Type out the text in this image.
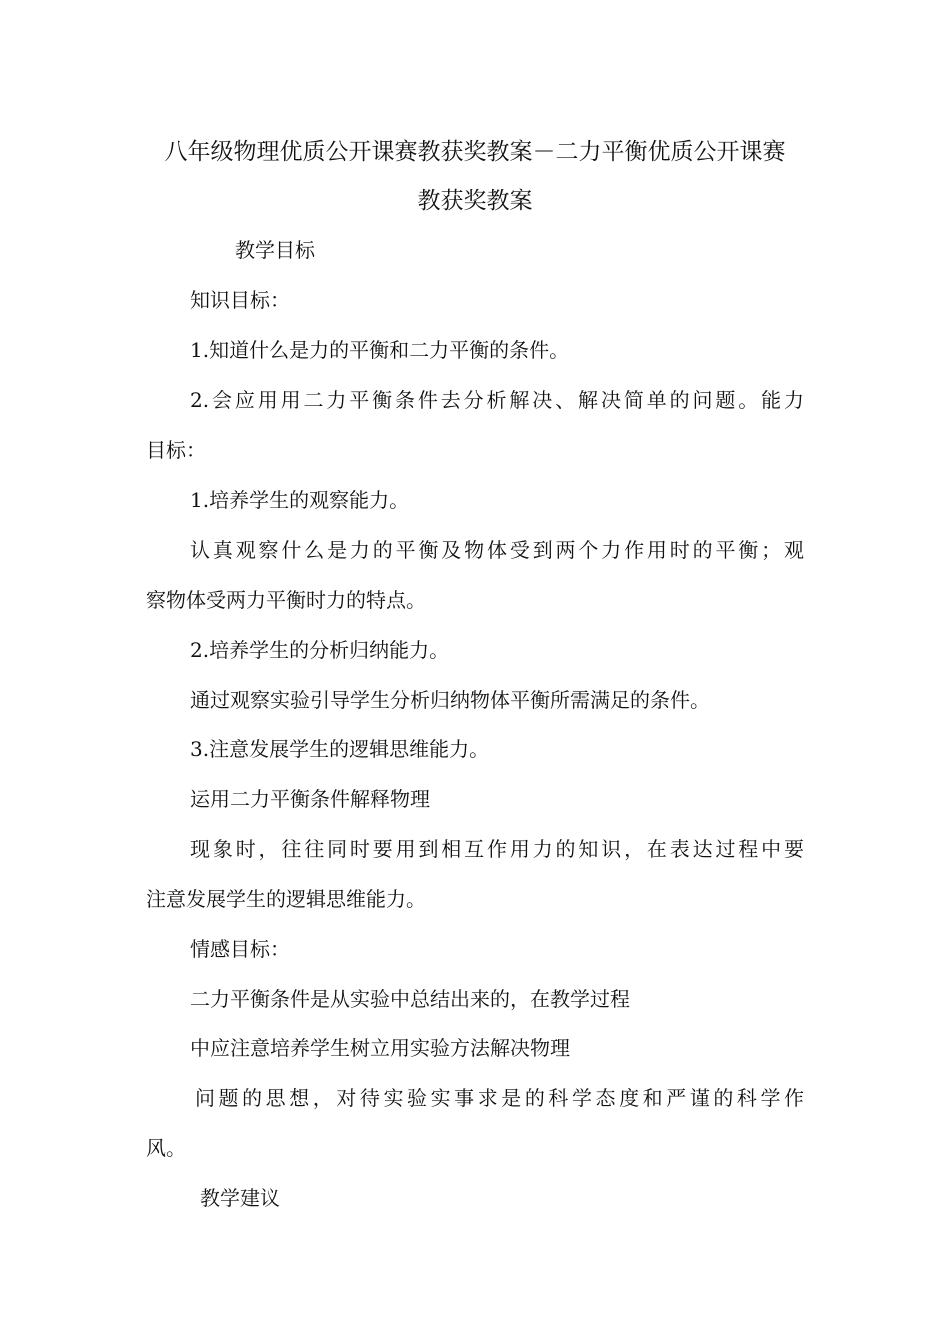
八年级物理优质公开课赛教获奖教案－二力平衡优质公开课赛
教获奖教案
教学目标
知识目标：
1.知道什么是力的平衡和二力平衡的条件。
2.会应用用二力平衡条件去分析解决、解决简单的问题。能力
目标：
1.培养学生的观察能力。
认真观察什么是力的平衡及物体受到两个力作用时的平衡；观
察物体受两力平衡时力的特点。
2.培养学生的分析归纳能力。
通过观察实验引导学生分析归纳物体平衡所需满足的条件。
3.注意发展学生的逻辑思维能力。
运用二力平衡条件解释物理
现象时，往往同时要用到相互作用力的知识，在表达过程中要
注意发展学生的逻辑思维能力。
情感目标：
二力平衡条件是从实验中总结出来的，在教学过程
中应注意培养学生树立用实验方法解决物理
问题的思想，对待实验实事求是的科学态度和严谨的科学作
风。
教学建议
